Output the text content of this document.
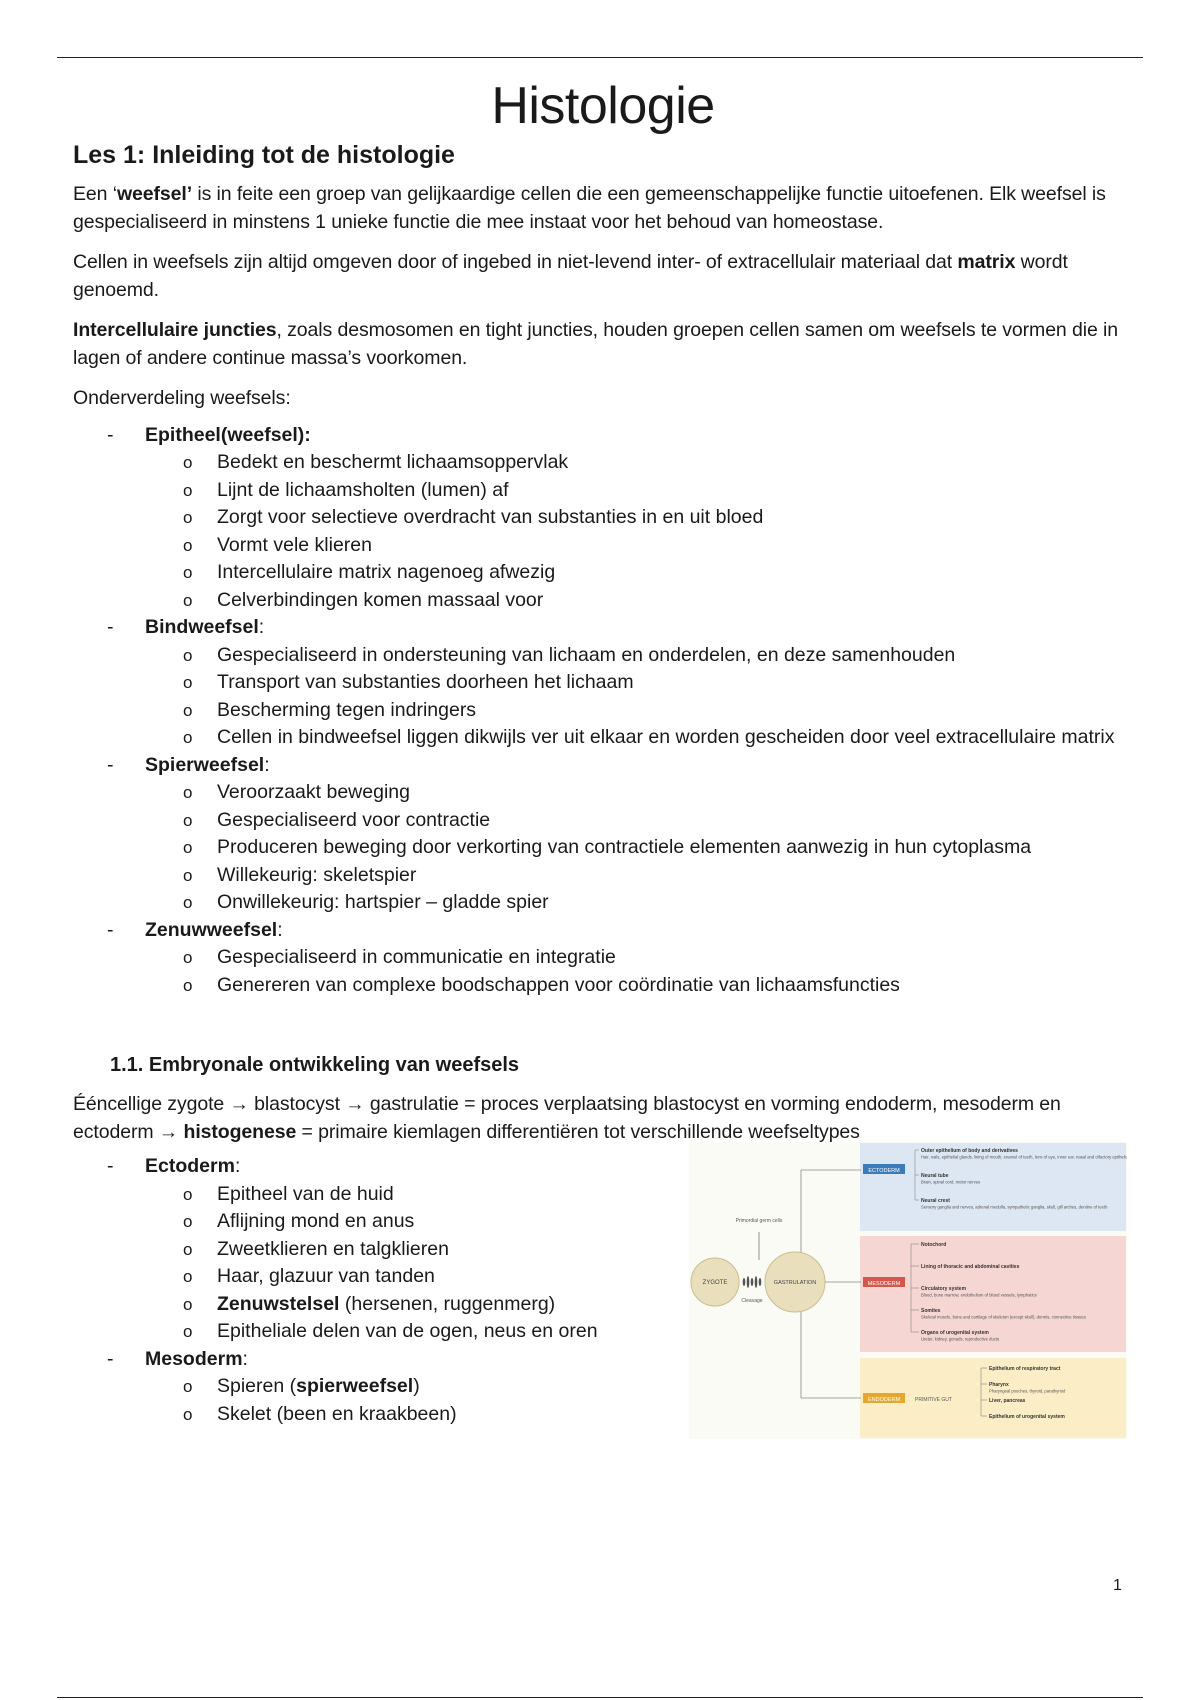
Histologie
Les 1: Inleiding tot de histologie

Een ‘weefsel’ is in feite een groep van gelijkaardige cellen die een gemeenschappelijke functie uitoefenen. Elk weefsel is gespecialiseerd in minstens 1 unieke functie die mee instaat voor het behoud van homeostase.

Cellen in weefsels zijn altijd omgeven door of ingebed in niet-levend inter- of extracellulair materiaal dat matrix wordt genoemd.

Intercellulaire juncties, zoals desmosomen en tight juncties, houden groepen cellen samen om weefsels te vormen die in lagen of andere continue massa’s voorkomen.

Onderverdeling weefsels:

- Epitheel(weefsel):
o Bedekt en beschermt lichaamsoppervlak
o Lijnt de lichaamsholten (lumen) af
o Zorgt voor selectieve overdracht van substanties in en uit bloed
o Vormt vele klieren
o Intercellulaire matrix nagenoeg afwezig
o Celverbindingen komen massaal voor
- Bindweefsel:
o Gespecialiseerd in ondersteuning van lichaam en onderdelen, en deze samenhouden
o Transport van substanties doorheen het lichaam
o Bescherming tegen indringers
o Cellen in bindweefsel liggen dikwijls ver uit elkaar en worden gescheiden door veel extracellulaire matrix
- Spierweefsel:
o Veroorzaakt beweging
o Gespecialiseerd voor contractie
o Produceren beweging door verkorting van contractiele elementen aanwezig in hun cytoplasma
o Willekeurig: skeletspier
o Onwillekeurig: hartspier – gladde spier
- Zenuwweefsel:
o Gespecialiseerd in communicatie en integratie
o Genereren van complexe boodschappen voor coördinatie van lichaamsfuncties
1.1. Embryonale ontwikkeling van weefsels

Ééncellige zygote → blastocyst → gastrulatie = proces verplaatsing blastocyst en vorming endoderm, mesoderm en ectoderm → histogenese = primaire kiemlagen differentiëren tot verschillende weefseltypes

- Ectoderm:
o Epitheel van de huid
o Aflijning mond en anus
o Zweetklieren en talgklieren
o Haar, glazuur van tanden
o Zenuwstelsel (hersenen, ruggenmerg)
o Epitheliale delen van de ogen, neus en oren
- Mesoderm:
o Spieren (spierweefsel)
o Skelet (been en kraakbeen)
ZYGOTE	GASTRULATION
Cleavage
Primordial germ cells
ECTODERM
MESODERM
ENDODERM	PRIMITIVE GUT
Outer epithelium of body and derivatives
Hair, nails, epithelial glands, lining of mouth, enamel of teeth, lens of eye, inner ear, nasal and olfactory epithelium
Neural tube
Brain, spinal cord, motor nerves
Neural crest
Sensory ganglia and nerves, adrenal medulla, sympathetic ganglia, skull, gill arches, dentine of teeth
Notochord
Lining of thoracic and abdominal cavities
Circulatory system
Blood, bone marrow, endothelium of blood vessels, lymphatics
Somites
Skeletal muscle, bone and cartilage of skeleton (except skull), dermis, connective tissues
Organs of urogenital system
Ureter, kidney, gonads, reproductive ducts
Epithelium of respiratory tract
Pharynx
Pharyngeal pouches, thyroid, parathyroid
Liver, pancreas
Epithelium of urogenital system
1
